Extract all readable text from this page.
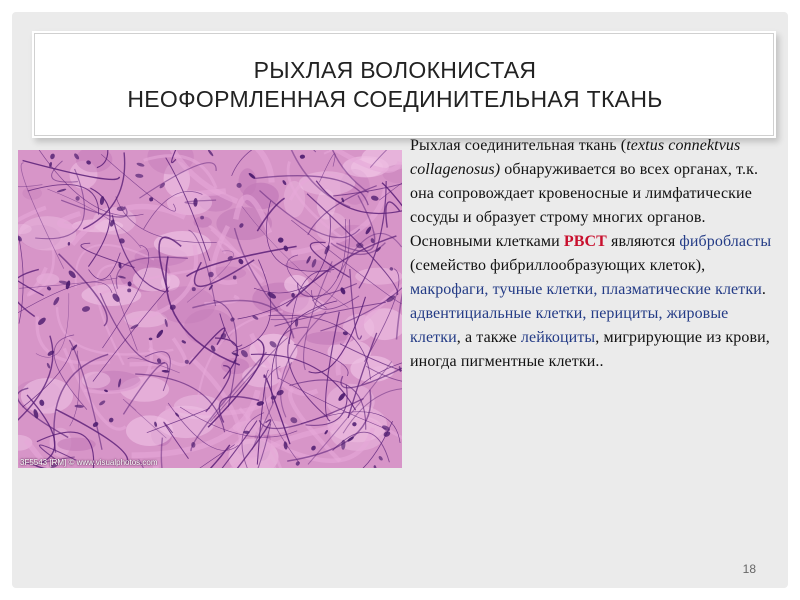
РЫХЛАЯ ВОЛОКНИСТАЯ
НЕОФОРМЛЕННАЯ СОЕДИНИТЕЛЬНАЯ ТКАНЬ
3F5543 [RM] © www.visualphotos.com
Рыхлая соединительная ткань (textus connektvus collagenosus) обнаруживается во всех органах, т.к. она сопровождает кровеносные и лимфатические сосуды и образует строму многих органов. Основными клетками РВСТ являются фибробласты (семейство фибриллообразующих клеток), макрофаги, тучные клетки, плазматические клетки. адвентициальные клетки, перициты, жировые клетки, а также лейкоциты, мигрирующие из крови, иногда пигментные клетки..
18
